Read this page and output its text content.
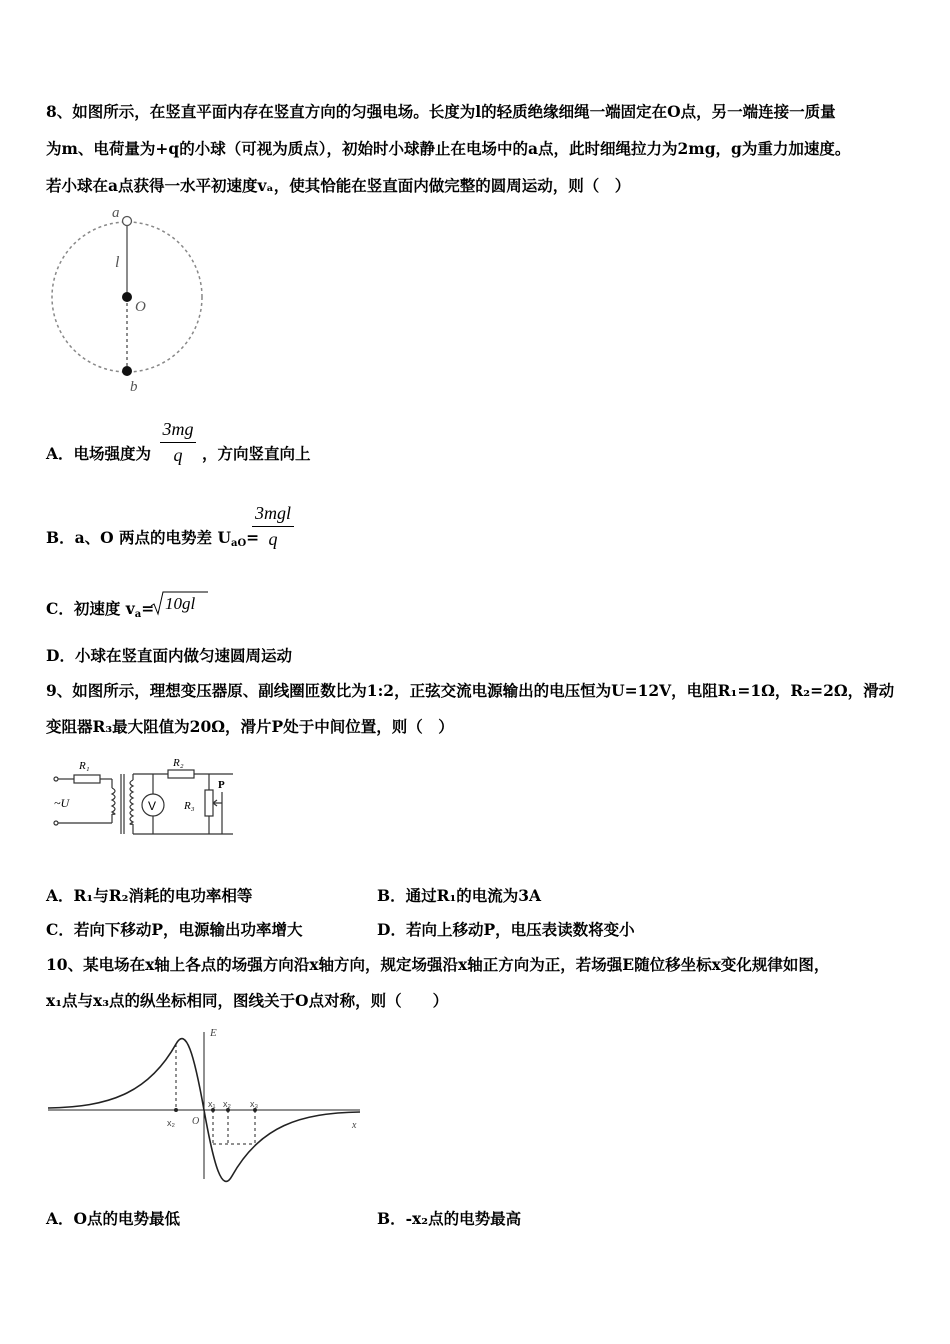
8、如图所示，在竖直平面内存在竖直方向的匀强电场。长度为l的轻质绝缘细绳一端固定在O点，另一端连接一质量
为m、电荷量为+q的小球（可视为质点），初始时小球静止在电场中的a点，此时细绳拉力为2mg，g为重力加速度。
若小球在a点获得一水平初速度vₐ，使其恰能在竖直面内做完整的圆周运动，则（　）
a
l
O
b
A．电场强度为 $\frac{3mg}{q}$ ，方向竖直向上
B．a、O 两点的电势差 $U_{aO}=$
3mgl
q
C．初速度 $v_a= 10gl$
D．小球在竖直面内做匀速圆周运动
9、如图所示，理想变压器原、副线圈匝数比为1:2，正弦交流电源输出的电压恒为U=12V，电阻R₁=1Ω，R₂=2Ω，滑动
变阻器R₃最大阻值为20Ω，滑片P处于中间位置，则（　）
R₁
~U	V
R₂
R₃
P
A．R₁与R₂消耗的电功率相等	B．通过R₁的电流为3A
C．若向下移动P，电源输出功率增大	D．若向上移动P，电压表读数将变小
10、某电场在x轴上各点的场强方向沿x轴方向，规定场强沿x轴正方向为正，若场强E随位移坐标x变化规律如图，
x₁点与x₃点的纵坐标相同，图线关于O点对称，则（　　）
E
O	x
x₂
x₁ x₂ x₃
A．O点的电势最低	B．-x₂点的电势最高
